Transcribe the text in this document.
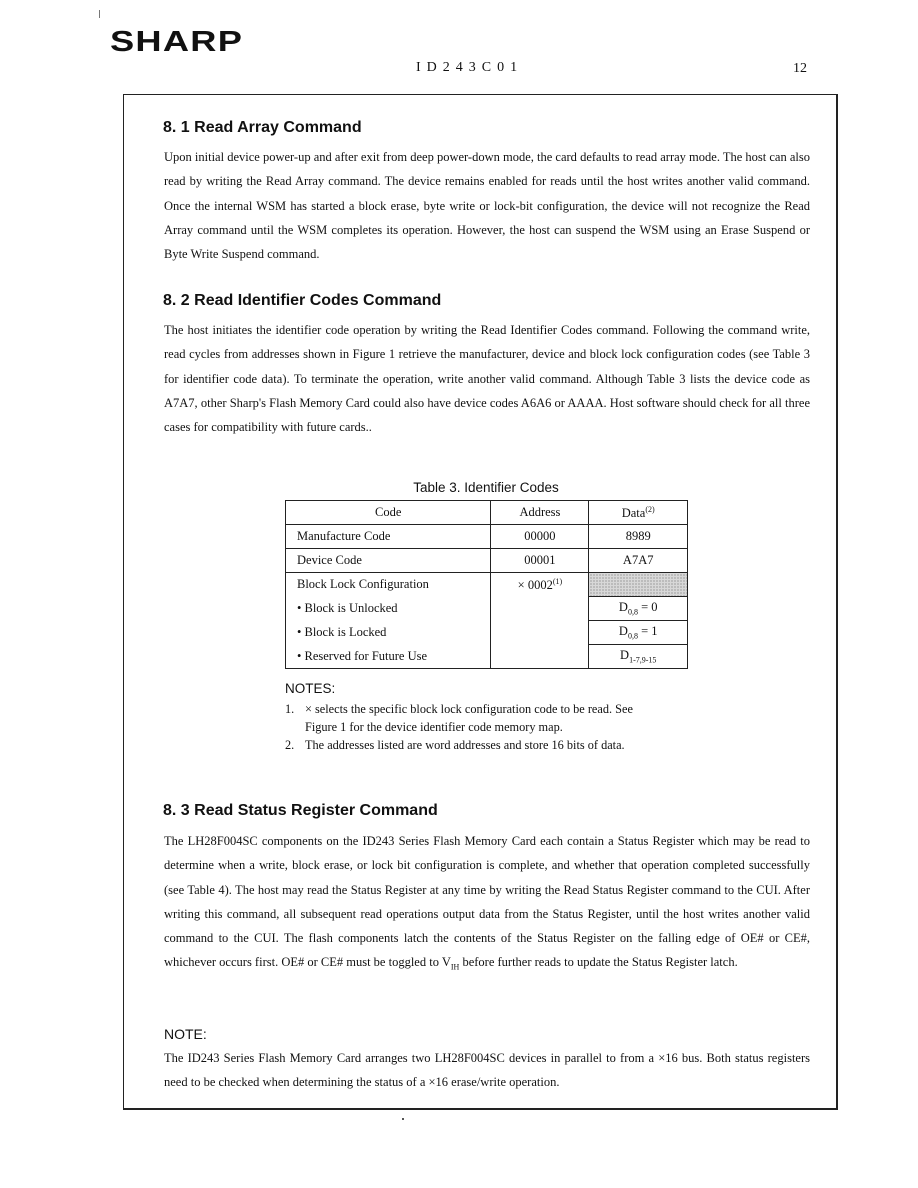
SHARP
ID243C01	12
8. 1 Read Array Command
Upon initial device power-up and after exit from deep power-down mode, the card defaults to read array mode. The host can also read by writing the Read Array command. The device remains enabled for reads until the host writes another valid command. Once the internal WSM has started a block erase, byte write or lock-bit configuration, the device will not recognize the Read Array command until the WSM completes its operation. However, the host can suspend the WSM using an Erase Suspend or Byte Write Suspend command.
8. 2 Read Identifier Codes Command
The host initiates the identifier code operation by writing the Read Identifier Codes command. Following the command write, read cycles from addresses shown in Figure 1 retrieve the manufacturer, device and block lock configuration codes (see Table 3 for identifier code data). To terminate the operation, write another valid command. Although Table 3 lists the device code as A7A7, other Sharp's Flash Memory Card could also have device codes A6A6 or AAAA. Host software should check for all three cases for compatibility with future cards..
Table 3. Identifier Codes
Code	Address	Data$^{(2)}$
Manufacture Code	00000	8989
Device Code	00001	A7A7
Block Lock Configuration	× $0002^{(1)}$	
• Block is Unlocked		$D_{0,8} = 0$
• Block is Locked		$D_{0,8} = 1$
• Reserved for Future Use		$D_{1-7,9-15}$
NOTES:
1. × selects the specific block lock configuration code to be read. See Figure 1 for the device identifier code memory map.
2. The addresses listed are word addresses and store 16 bits of data.
8. 3 Read Status Register Command
The LH28F004SC components on the ID243 Series Flash Memory Card each contain a Status Register which may be read to determine when a write, block erase, or lock bit configuration is complete, and whether that operation completed successfully (see Table 4). The host may read the Status Register at any time by writing the Read Status Register command to the CUI. After writing this command, all subsequent read operations output data from the Status Register, until the host writes another valid command to the CUI. The flash components latch the contents of the Status Register on the falling edge of OE# or CE#, whichever occurs first. OE# or CE# must be toggled to $V_{IH}$ before further reads to update the Status Register latch.
NOTE:
The ID243 Series Flash Memory Card arranges two LH28F004SC devices in parallel to from a ×16 bus. Both status registers need to be checked when determining the status of a ×16 erase/write operation.
